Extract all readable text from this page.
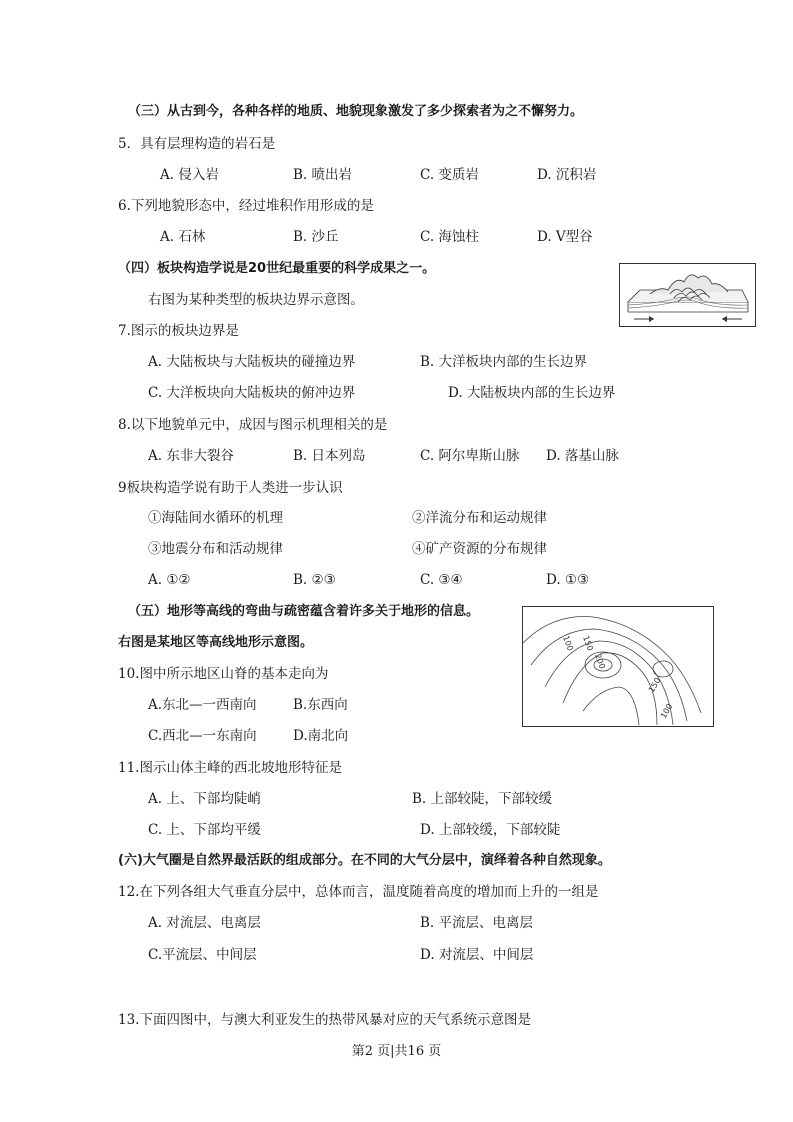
（三）从古到今，各种各样的地质、地貌现象激发了多少探索者为之不懈努力。
5．具有层理构造的岩石是
A. 侵入岩	B. 喷出岩	C. 变质岩	D. 沉积岩
6.下列地貌形态中，经过堆积作用形成的是
A. 石林	B. 沙丘	C. 海蚀柱	D. V型谷
（四）板块构造学说是20世纪最重要的科学成果之一。
右图为某种类型的板块边界示意图。
7.图示的板块边界是
A. 大陆板块与大陆板块的碰撞边界	B. 大洋板块内部的生长边界
C. 大洋板块向大陆板块的俯冲边界	D. 大陆板块内部的生长边界
8.以下地貌单元中，成因与图示机理相关的是
A. 东非大裂谷	B. 日本列岛	C. 阿尔卑斯山脉 D. 落基山脉
9板块构造学说有助于人类进一步认识
①海陆间水循环的机理	②洋流分布和运动规律
③地震分布和活动规律	④矿产资源的分布规律
A. ①②	B. ②③	C. ③④	D. ①③
（五）地形等高线的弯曲与疏密蕴含着许多关于地形的信息。
右图是某地区等高线地形示意图。	100 150
200
150
100
10.图中所示地区山脊的基本走向为
A.东北—一西南向	B.东西向
C.西北—一东南向	D.南北向
11.图示山体主峰的西北坡地形特征是
A. 上、下部均陡峭	B. 上部较陡，下部较缓
C. 上、下部均平缓	D. 上部较缓，下部较陡
(六)大气圈是自然界最活跃的组成部分。在不同的大气分层中，演绎着各种自然现象。
12.在下列各组大气垂直分层中，总体而言，温度随着高度的增加而上升的一组是
A. 对流层、电离层	B. 平流层、电离层
C.平流层、中间层	D. 对流层、中间层
13.下面四图中，与澳大利亚发生的热带风暴对应的天气系统示意图是
第2 页|共16 页
